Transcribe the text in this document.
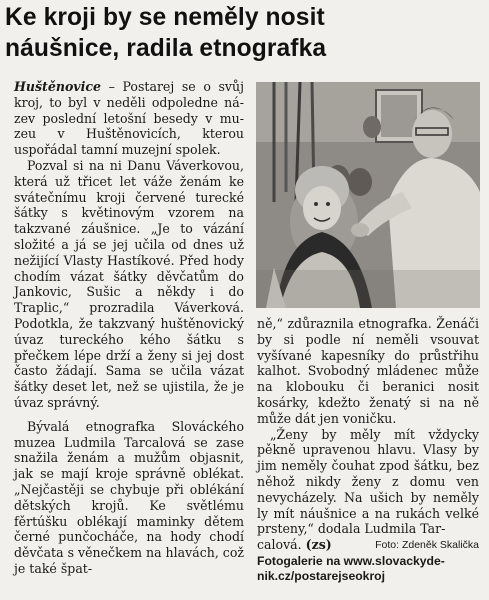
Ke kroji by se neměly nosit
náušnice, radila etnografka

Huštěnovice – Postarej se o svůj kroj, to byl v neděli odpoledne název poslední letošní besedy v muzeu v Huštěnovicích, kterou uspořádal tamní muzejní spolek.

Pozval si na ni Danu Váverkovou, která už třicet let váže ženám ke svátečnímu kroji červené turecké šátky s květinovým vzorem na takzvané záušnice. „Je to vázání složité a já se jej učila od dnes už nežijící Vlasty Hastíkové. Před hody chodím vázat šátky děvčatům do Jankovic, Sušic a někdy i do Traplic,“ prozradila Váverková. Podotkla, že takzvaný huštěnovický úvaz tureckého kého šátku s přečkem lépe drží a ženy si jej dost často žádají. Sama se učila vázat šátky deset let, než se ujistila, že je úvaz správný.

Bývalá etnografka Slováckého muzea Ludmila Tarcalová se zase snažila ženám a mužům objasnit, jak se mají kroje správně oblékat. „Nejčastěji se chybuje při oblékání dětských krojů. Ke světlému fěrtúšku oblékají maminky dětem černé punčocháče, na hody chodí děvčata s věnečkem na hlavách, což je také špat-

ně,“ zdůraznila etnografka. Ženáči by si podle ní neměli vsouvat vyšívané kapesníky do průstřihu kalhot. Svobodný mládenec může na klobouku či beranici nosit kosárky, kdežto ženatý si na ně může dát jen voničku.

„Ženy by měly mít vždycky pěkně upravenou hlavu. Vlasy by jim neměly čouhat zpod šátku, bez něhož nikdy ženy z domu ven nevycházely. Na ušich by neměly ly mít náušnice a na rukách velké prsteny,“ dodala Ludmila Tar-

calová. (zs)	Foto: Zdeněk Skalička

Fotogalerie na www.slovackyde-
nik.cz/postarejseokroj
